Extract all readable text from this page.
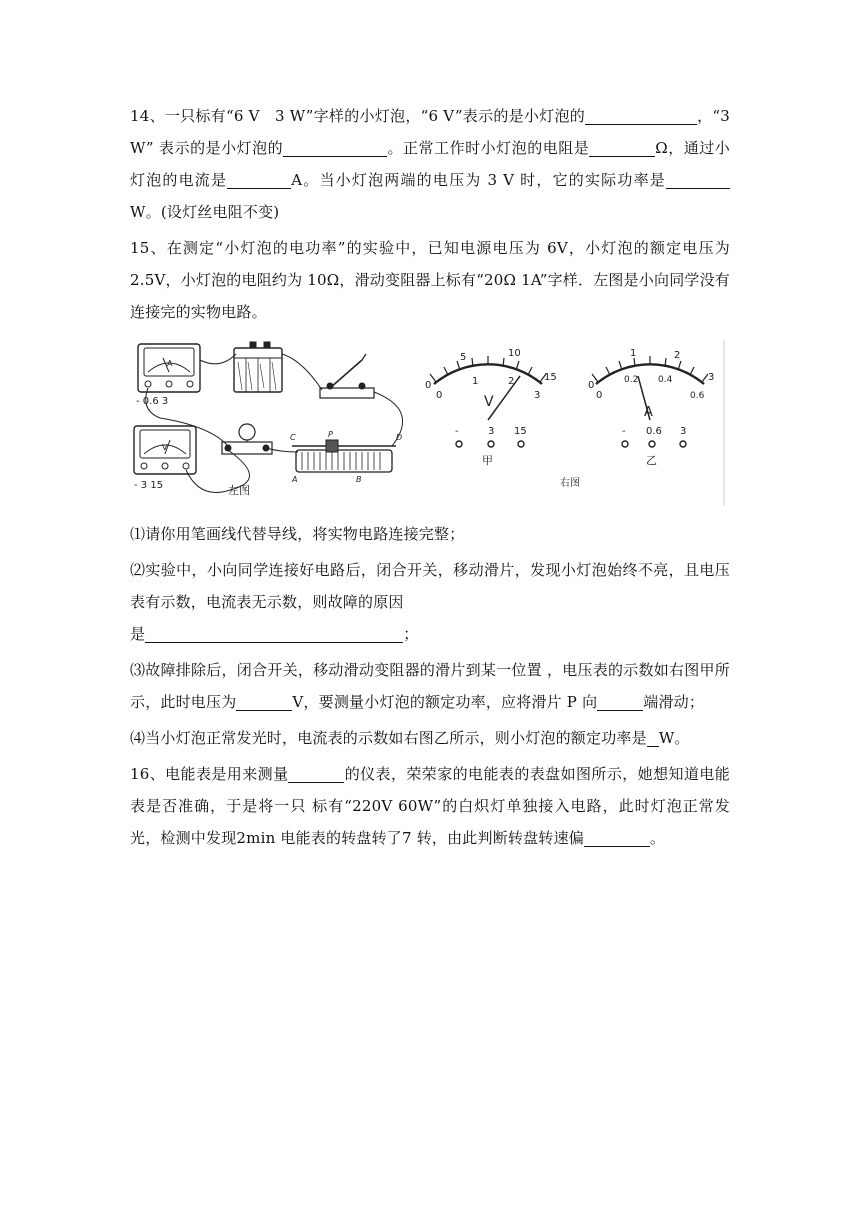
14、一只标有“6 V　3 W”字样的小灯泡，“6 V”表示的是小灯泡的	，“3 W” 表示的是小灯泡的	。正常工作时小灯泡的电阻是	Ω，通过小灯泡的电流是	A。当小灯泡两端的电压为 3 V 时，它的实际功率是W。(设灯丝电阻不变)

15、在测定“小灯泡的电功率”的实验中，已知电源电压为 6V，小灯泡的额定电压为 2.5V，小灯泡的电阻约为 10Ω，滑动变阻器上标有“20Ω 1A”字样．左图是小向同学没有连接完的实物电路。

A
- 0.6 3
V
- 3 15
C	P	D
A	B
左图
0
5	10
15
0
1	2
3
V
-	3 15
甲
右图
0
1	2
3
0
0.2 0.4
0.6
A
- 0.6 3
乙

⑴请你用笔画线代替导线，将实物电路连接完整；

⑵实验中，小向同学连接好电路后，闭合开关，移动滑片，发现小灯泡始终不亮，且电压表有示数，电流表无示数，则故障的原因

是	；

⑶故障排除后，闭合开关，移动滑动变阻器的滑片到某一位置 ，电压表的示数如右图甲所示，此时电压为	V，要测量小灯泡的额定功率，应将滑片 P 向	端滑动；

⑷当小灯泡正常发光时，电流表的示数如右图乙所示，则小灯泡的额定功率是 W。

16、电能表是用来测量	的仪表，荣荣家的电能表的表盘如图所示，她想知道电能表是否准确，于是将一只 标有“220V 60W”的白炽灯单独接入电路，此时灯泡正常发光，检测中发现2min 电能表的转盘转了7 转，由此判断转盘转速偏	。
